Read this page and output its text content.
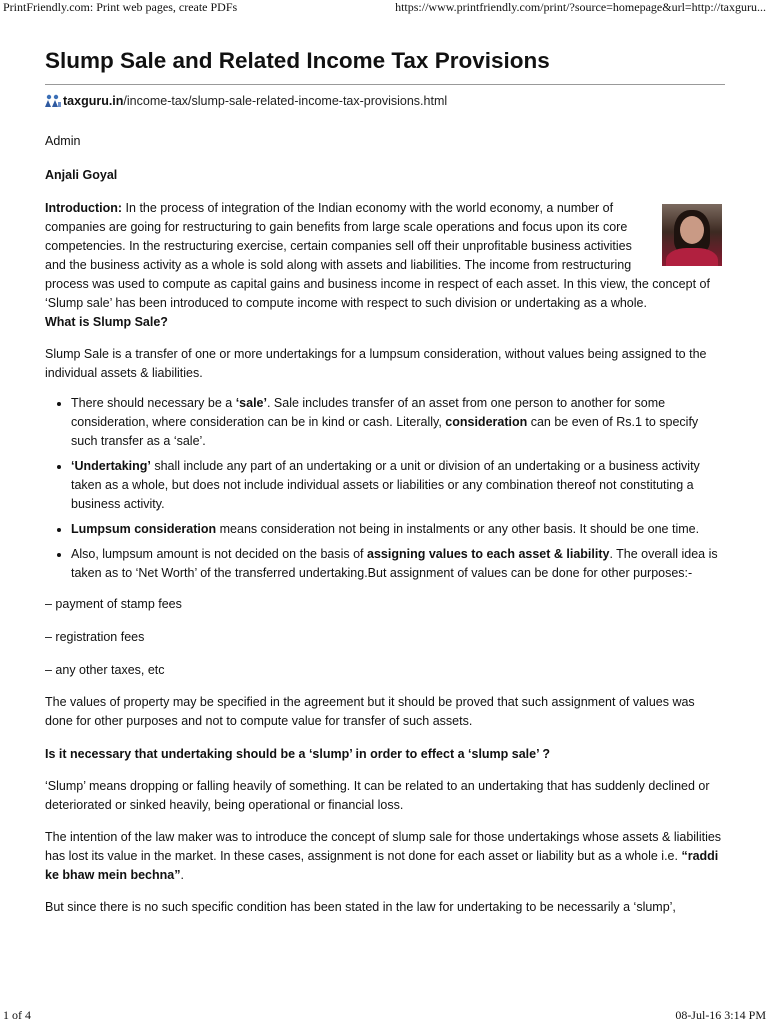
PrintFriendly.com: Print web pages, create PDFs	https://www.printfriendly.com/print/?source=homepage&url=http://taxguru...
Slump Sale and Related Income Tax Provisions
taxguru.in /income-tax/slump-sale-related-income-tax-provisions.html

Admin

Anjali Goyal

Introduction: In the process of integration of the Indian economy with the world economy, a number of companies are going for restructuring to gain benefits from large scale operations and focus upon its core competencies. In the restructuring exercise, certain companies sell off their unprofitable business activities and the business activity as a whole is sold along with assets and liabilities. The income from restructuring process was used to compute as capital gains and business income in respect of each asset. In this view, the concept of ‘Slump sale’ has been introduced to compute income with respect to such division or undertaking as a whole.

What is Slump Sale?

Slump Sale is a transfer of one or more undertakings for a lumpsum consideration, without values being assigned to the individual assets & liabilities.

• There should necessary be a ‘sale’. Sale includes transfer of an asset from one person to another for some consideration, where consideration can be in kind or cash. Literally, consideration can be even of Rs.1 to specify such transfer as a ‘sale’.
• ‘Undertaking’ shall include any part of an undertaking or a unit or division of an undertaking or a business activity taken as a whole, but does not include individual assets or liabilities or any combination thereof not constituting a business activity.
• Lumpsum consideration means consideration not being in instalments or any other basis. It should be one time.
• Also, lumpsum amount is not decided on the basis of assigning values to each asset & liability. The overall idea is taken as to ‘Net Worth’ of the transferred undertaking.But assignment of values can be done for other purposes:-

– payment of stamp fees

– registration fees

– any other taxes, etc

The values of property may be specified in the agreement but it should be proved that such assignment of values was done for other purposes and not to compute value for transfer of such assets.

Is it necessary that undertaking should be a ‘slump’ in order to effect a ‘slump sale’ ?

‘Slump’ means dropping or falling heavily of something. It can be related to an undertaking that has suddenly declined or deteriorated or sinked heavily, being operational or financial loss.

The intention of the law maker was to introduce the concept of slump sale for those undertakings whose assets & liabilities has lost its value in the market. In these cases, assignment is not done for each asset or liability but as a whole i.e. “raddi ke bhaw mein bechna”.

But since there is no such specific condition has been stated in the law for undertaking to be necessarily a ‘slump’,

1 of 4	08-Jul-16 3:14 PM
